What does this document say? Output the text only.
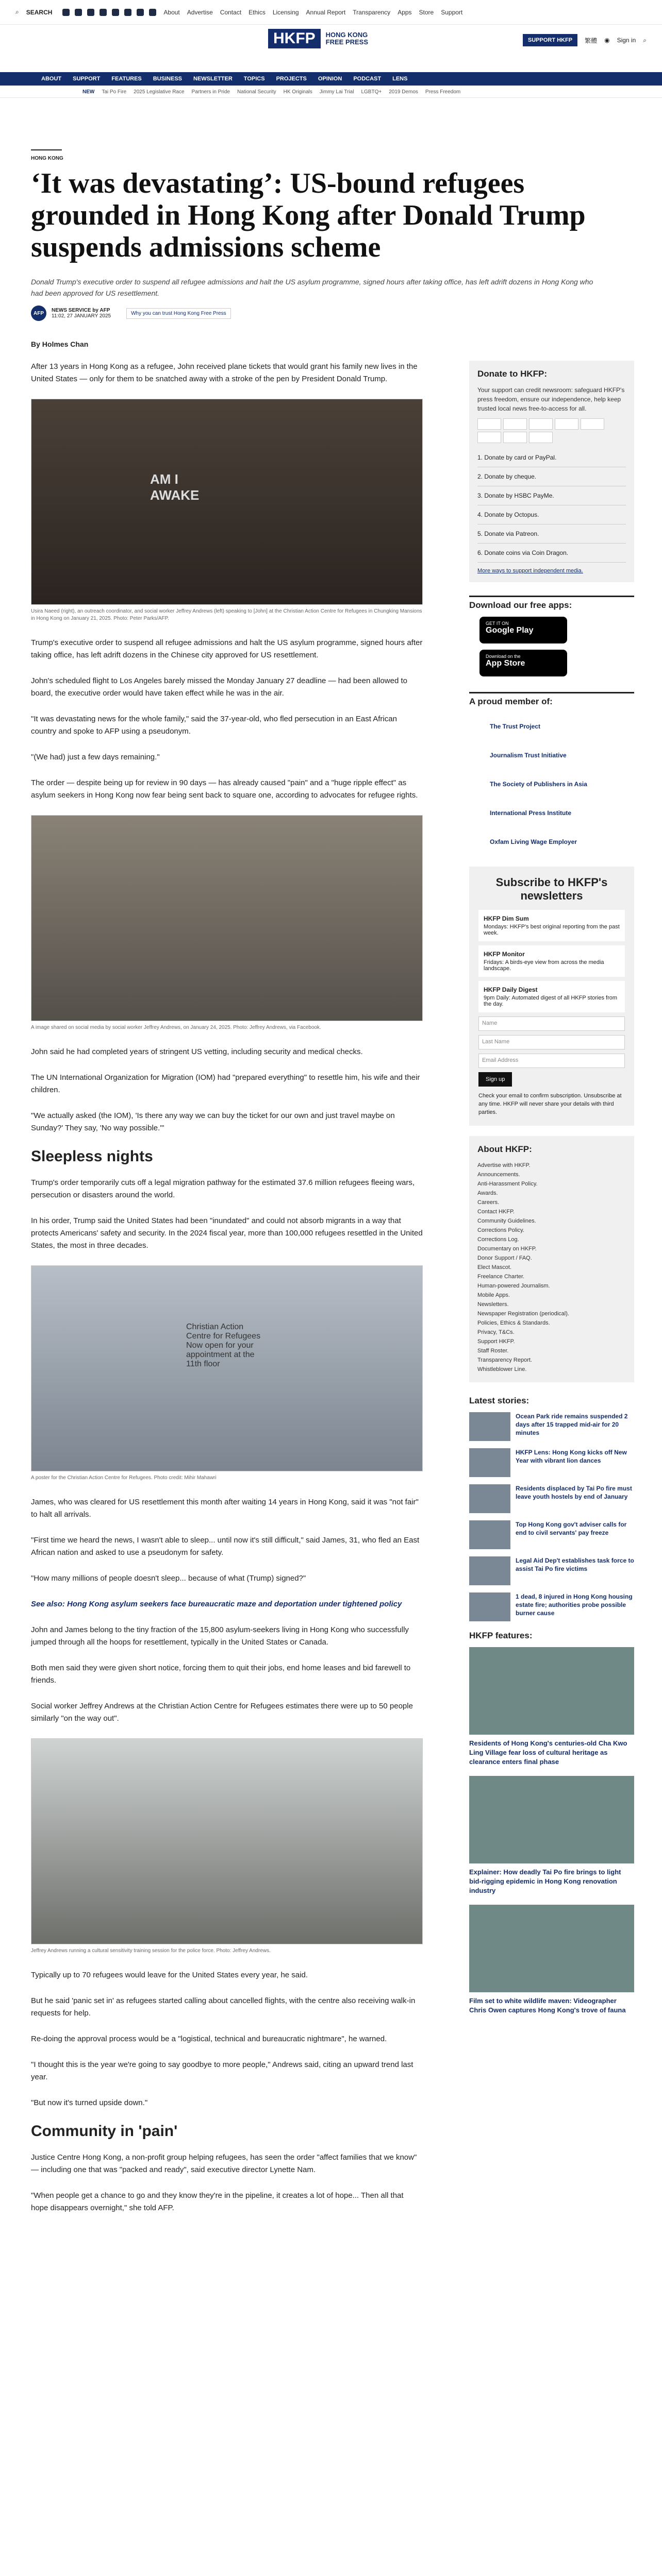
⌕ SEARCH	About Advertise Contact Ethics Licensing Annual Report Transparency Apps Store Support
HKFP	HONG KONG
FREE PRESS	SUPPORT HKFP	繁體 ◉ Sign in ⌕
ABOUT SUPPORT FEATURES BUSINESS NEWSLETTER TOPICS PROJECTS OPINION PODCAST LENS
NEW Tai Po Fire 2025 Legislative Race Partners in Pride National Security HK Originals Jimmy Lai Trial LGBTQ+ 2019 Demos Press Freedom
HONG KONG
‘It was devastating’: US-bound refugees grounded in Hong Kong after Donald Trump suspends admissions scheme
Donald Trump's executive order to suspend all refugee admissions and halt the US asylum programme, signed hours after taking office, has left adrift dozens in Hong Kong who had been approved for US resettlement.
AFP	NEWS SERVICE by AFP
11:02, 27 JANUARY 2025	Why you can trust Hong Kong Free Press
By Holmes Chan

After 13 years in Hong Kong as a refugee, John received plane tickets that would grant his family new lives in the United States — only for them to be snatched away with a stroke of the pen by President Donald Trump.

AM I AWAKE
Usira Naeed (right), an outreach coordinator, and social worker Jeffrey Andrews (left) speaking to [John] at the Christian Action Centre for Refugees in Chungking Mansions in Hong Kong on January 21, 2025. Photo: Peter Parks/AFP.

Trump's executive order to suspend all refugee admissions and halt the US asylum programme, signed hours after taking office, has left adrift dozens in the Chinese city approved for US resettlement.

John's scheduled flight to Los Angeles barely missed the Monday January 27 deadline — had been allowed to board, the executive order would have taken effect while he was in the air.

"It was devastating news for the whole family," said the 37-year-old, who fled persecution in an East African country and spoke to AFP using a pseudonym.

"(We had) just a few days remaining."

The order — despite being up for review in 90 days — has already caused "pain" and a "huge ripple effect" as asylum seekers in Hong Kong now fear being sent back to square one, according to advocates for refugee rights.

A image shared on social media by social worker Jeffrey Andrews, on January 24, 2025. Photo: Jeffrey Andrews, via Facebook.

John said he had completed years of stringent US vetting, including security and medical checks.

The UN International Organization for Migration (IOM) had "prepared everything" to resettle him, his wife and their children.

"We actually asked (the IOM), 'Is there any way we can buy the ticket for our own and just travel maybe on Sunday?' They say, 'No way possible.'"

Sleepless nights

Trump's order temporarily cuts off a legal migration pathway for the estimated 37.6 million refugees fleeing wars, persecution or disasters around the world.

In his order, Trump said the United States had been "inundated" and could not absorb migrants in a way that protects Americans' safety and security. In the 2024 fiscal year, more than 100,000 refugees resettled in the United States, the most in three decades.

Christian Action Centre for Refugees Now open for your appointment at the 11th floor
A poster for the Christian Action Centre for Refugees. Photo credit: Mihir Mahawri

James, who was cleared for US resettlement this month after waiting 14 years in Hong Kong, said it was "not fair" to halt all arrivals.

"First time we heard the news, I wasn't able to sleep... until now it's still difficult," said James, 31, who fled an East African nation and asked to use a pseudonym for safety.

"How many millions of people doesn't sleep... because of what (Trump) signed?"

See also: Hong Kong asylum seekers face bureaucratic maze and deportation under tightened policy

John and James belong to the tiny fraction of the 15,800 asylum-seekers living in Hong Kong who successfully jumped through all the hoops for resettlement, typically in the United States or Canada.

Both men said they were given short notice, forcing them to quit their jobs, end home leases and bid farewell to friends.

Social worker Jeffrey Andrews at the Christian Action Centre for Refugees estimates there were up to 50 people similarly "on the way out".

Jeffrey Andrews running a cultural sensitivity training session for the police force. Photo: Jeffrey Andrews.

Typically up to 70 refugees would leave for the United States every year, he said.

But he said 'panic set in' as refugees started calling about cancelled flights, with the centre also receiving walk-in requests for help.

Re-doing the approval process would be a "logistical, technical and bureaucratic nightmare", he warned.

"I thought this is the year we're going to say goodbye to more people," Andrews said, citing an upward trend last year.

"But now it's turned upside down."

Community in 'pain'

Justice Centre Hong Kong, a non-profit group helping refugees, has seen the order "affect families that we know" — including one that was "packed and ready", said executive director Lynette Nam.

"When people get a chance to go and they know they're in the pipeline, it creates a lot of hope... Then all that hope disappears overnight," she told AFP.

Donate to HKFP:

Your support can credit newsroom: safeguard HKFP's press freedom, ensure our independence, help keep trusted local news free-to-access for all.

1. Donate by card or PayPal.
2. Donate by cheque.
3. Donate by HSBC PayMe.
4. Donate by Octopus.
5. Donate via Patreon.
6. Donate coins via Coin Dragon.
More ways to support independent media.
Download our free apps:
GET IT ON
Google Play
Download on the
App Store
A proud member of:
The Trust Project
Journalism Trust Initiative
The Society of Publishers in Asia
International Press Institute
Oxfam Living Wage Employer
Subscribe to HKFP's newsletters
HKFP Dim Sum
Mondays: HKFP's best original reporting from the past week.
HKFP Monitor
Fridays: A birds-eye view from across the media landscape.
HKFP Daily Digest
9pm Daily: Automated digest of all HKFP stories from the day.
Name
Last Name
Email Address
Sign up

Check your email to confirm subscription. Unsubscribe at any time. HKFP will never share your details with third parties.

About HKFP:
Advertise with HKFP.
Announcements.
Anti-Harassment Policy.
Awards.
Careers.
Contact HKFP.
Community Guidelines.
Corrections Policy.
Corrections Log.
Documentary on HKFP.
Donor Support / FAQ.
Elect Mascot.
Freelance Charter.
Human-powered Journalism.
Mobile Apps.
Newsletters.
Newspaper Registration (periodical).
Policies, Ethics & Standards.
Privacy, T&Cs.
Support HKFP.
Staff Roster.
Transparency Report.
Whistleblower Line.
Latest stories:
Ocean Park ride remains suspended 2 days after 15 trapped mid-air for 20 minutes
HKFP Lens: Hong Kong kicks off New Year with vibrant lion dances
Residents displaced by Tai Po fire must leave youth hostels by end of January
Top Hong Kong gov't adviser calls for end to civil servants' pay freeze
Legal Aid Dep't establishes task force to assist Tai Po fire victims
1 dead, 8 injured in Hong Kong housing estate fire; authorities probe possible burner cause
HKFP features:
Residents of Hong Kong's centuries-old Cha Kwo Ling Village fear loss of cultural heritage as clearance enters final phase
Explainer: How deadly Tai Po fire brings to light bid-rigging epidemic in Hong Kong renovation industry
Film set to white wildlife maven: Videographer Chris Owen captures Hong Kong's trove of fauna
